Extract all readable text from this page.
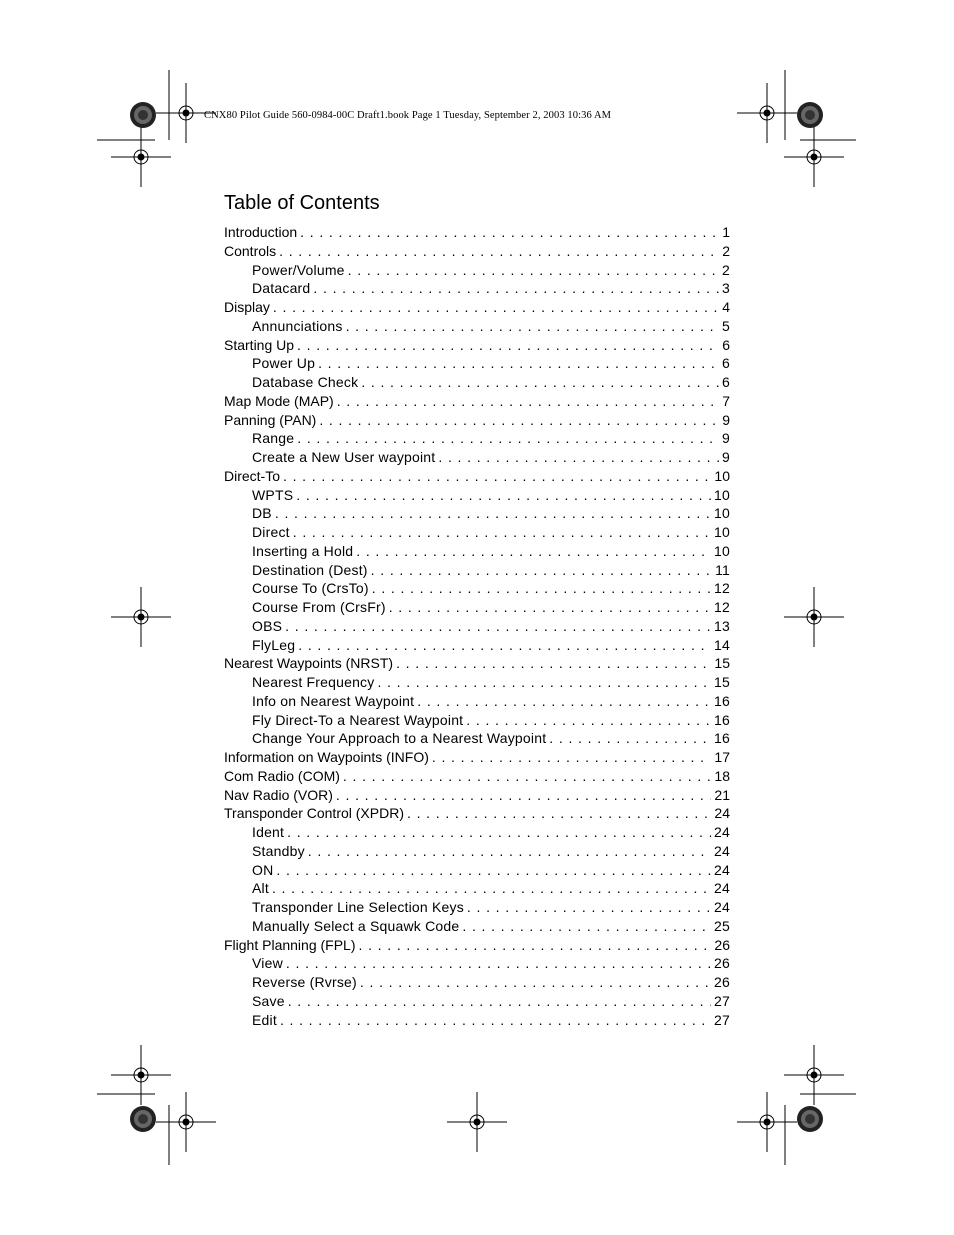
CNX80 Pilot Guide 560-0984-00C Draft1.book Page 1 Tuesday, September 2, 2003 10:36 AM
Table of Contents
Introduction . . .	1
Controls . . .	2
Power/Volume . . .	2
Datacard . . .	3
Display . . .	4
Annunciations . . .	5
Starting Up . . .	6
Power Up . . .	6
Database Check . . .	6
Map Mode (MAP) . . .	7
Panning (PAN) . . .	9
Range . . .	9
Create a New User waypoint . . .	9
Direct-To . . .	10
WPTS . . .	10
DB . . .	10
Direct . . .	10
Inserting a Hold . . .	10
Destination (Dest) . . .	11
Course To (CrsTo) . . .	12
Course From (CrsFr) . . .	12
OBS . . .	13
FlyLeg . . .	14
Nearest Waypoints (NRST) . . .	15
Nearest Frequency . . .	15
Info on Nearest Waypoint . . .	16
Fly Direct-To a Nearest Waypoint . . .	16
Change Your Approach to a Nearest Waypoint . . .	16
Information on Waypoints (INFO) . . .	17
Com Radio (COM) . . .	18
Nav Radio (VOR) . . .	21
Transponder Control (XPDR) . . .	24
Ident . . .	24
Standby . . .	24
ON . . .	24
Alt . . .	24
Transponder Line Selection Keys . . .	24
Manually Select a Squawk Code . . .	25
Flight Planning (FPL) . . .	26
View . . .	26
Reverse (Rvrse) . . .	26
Save . . .	27
Edit . . .	27
